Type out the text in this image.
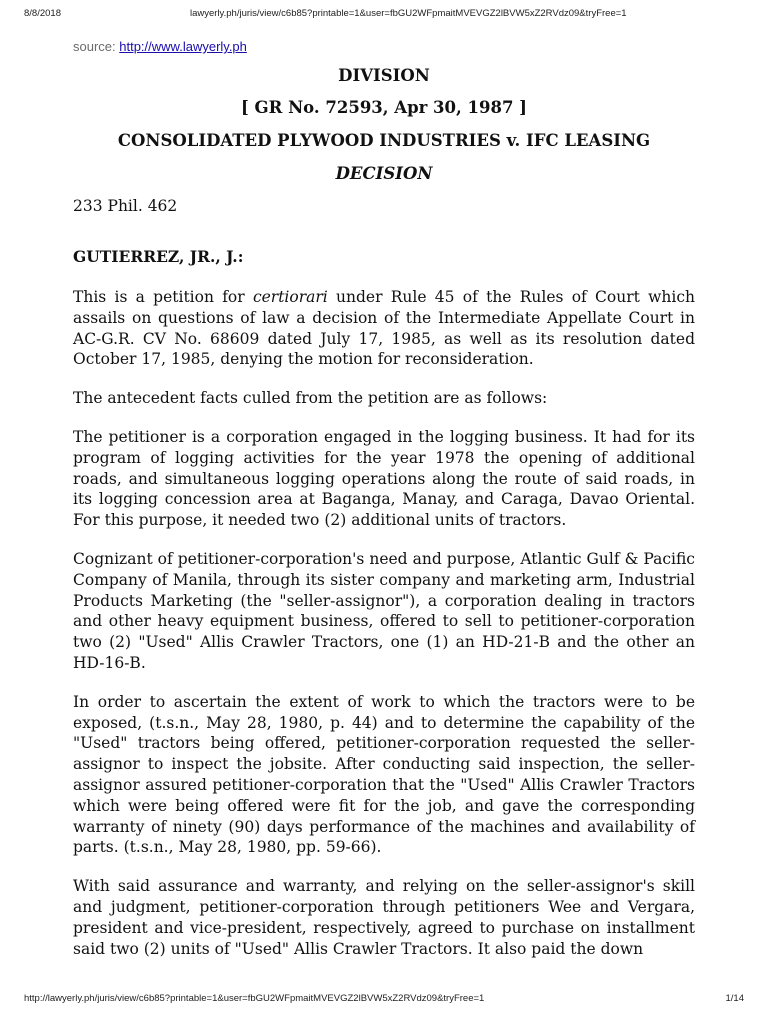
8/8/2018	lawyerly.ph/juris/view/c6b85?printable=1&user=fbGU2WFpmaitMVEVGZ2lBVW5xZ2RVdz09&tryFree=1
source: http://www.lawyerly.ph

DIVISION

[ GR No. 72593, Apr 30, 1987 ]

CONSOLIDATED PLYWOOD INDUSTRIES v. IFC LEASING

DECISION

233 Phil. 462

GUTIERREZ, JR., J.:

This is a petition for certiorari under Rule 45 of the Rules of Court which assails on questions of law a decision of the Intermediate Appellate Court in AC-G.R. CV No. 68609 dated July 17, 1985, as well as its resolution dated October 17, 1985, denying the motion for reconsideration.

The antecedent facts culled from the petition are as follows:

The petitioner is a corporation engaged in the logging business. It had for its program of logging activities for the year 1978 the opening of additional roads, and simultaneous logging operations along the route of said roads, in its logging concession area at Baganga, Manay, and Caraga, Davao Oriental. For this purpose, it needed two (2) additional units of tractors.

Cognizant of petitioner-corporation's need and purpose, Atlantic Gulf & Pacific Company of Manila, through its sister company and marketing arm, Industrial Products Marketing (the "seller-assignor"), a corporation dealing in tractors and other heavy equipment business, offered to sell to petitioner-corporation two (2) "Used" Allis Crawler Tractors, one (1) an HD-21-B and the other an HD-16-B.

In order to ascertain the extent of work to which the tractors were to be exposed, (t.s.n., May 28, 1980, p. 44) and to determine the capability of the "Used" tractors being offered, petitioner-corporation requested the seller-assignor to inspect the jobsite. After conducting said inspection, the seller-assignor assured petitioner-corporation that the "Used" Allis Crawler Tractors which were being offered were fit for the job, and gave the corresponding warranty of ninety (90) days performance of the machines and availability of parts. (t.s.n., May 28, 1980, pp. 59-66).

With said assurance and warranty, and relying on the seller-assignor's skill and judgment, petitioner-corporation through petitioners Wee and Vergara, president and vice-president, respectively, agreed to purchase on installment said two (2) units of "Used" Allis Crawler Tractors. It also paid the down

http://lawyerly.ph/juris/view/c6b85?printable=1&user=fbGU2WFpmaitMVEVGZ2lBVW5xZ2RVdz09&tryFree=1	1/14
